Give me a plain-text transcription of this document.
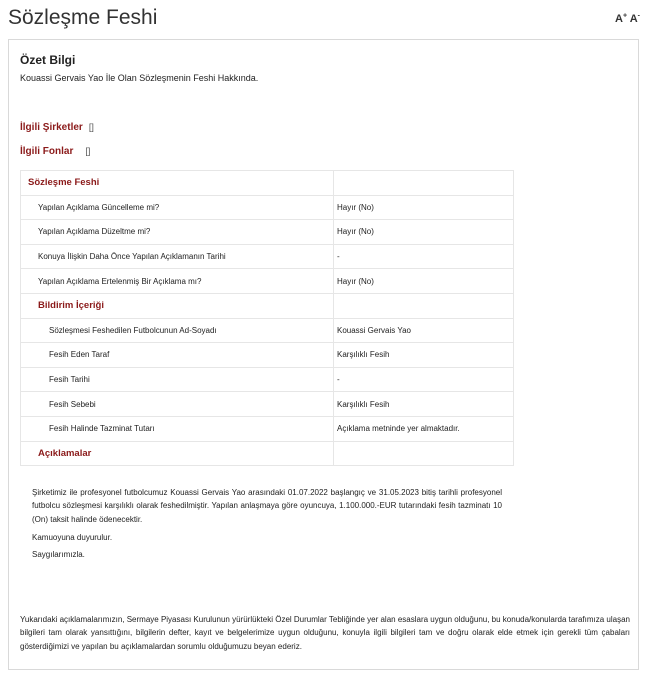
Sözleşme Feshi	A+ A-
Özet Bilgi
Kouassi Gervais Yao İle Olan Sözleşmenin Feshi Hakkında.
İlgili Şirketler []
İlgili Fonlar []
Sözleşme Feshi	
Yapılan Açıklama Güncelleme mi?	Hayır (No)
Yapılan Açıklama Düzeltme mi?	Hayır (No)
Konuya İlişkin Daha Önce Yapılan Açıklamanın Tarihi	-
Yapılan Açıklama Ertelenmiş Bir Açıklama mı?	Hayır (No)
Bildirim İçeriği	
Sözleşmesi Feshedilen Futbolcunun Ad-Soyadı	Kouassi Gervais Yao
Fesih Eden Taraf	Karşılıklı Fesih
Fesih Tarihi	-
Fesih Sebebi	Karşılıklı Fesih
Fesih Halinde Tazminat Tutarı	Açıklama metninde yer almaktadır.
Açıklamalar	
Şirketimiz ile profesyonel futbolcumuz Kouassi Gervais Yao arasındaki 01.07.2022 başlangıç ve 31.05.2023 bitiş tarihli profesyonel futbolcu sözleşmesi karşılıklı olarak feshedilmiştir. Yapılan anlaşmaya göre oyuncuya, 1.100.000.-EUR tutarındaki fesih tazminatı 10 (On) taksit halinde ödenecektir.
Kamuoyuna duyurulur.
Saygılarımızla.
Yukarıdaki açıklamalarımızın, Sermaye Piyasası Kurulunun yürürlükteki Özel Durumlar Tebliğinde yer alan esaslara uygun olduğunu, bu konuda/konularda tarafımıza ulaşan bilgileri tam olarak yansıttığını, bilgilerin defter, kayıt ve belgelerimize uygun olduğunu, konuyla ilgili bilgileri tam ve doğru olarak elde etmek için gerekli tüm çabaları gösterdiğimizi ve yapılan bu açıklamalardan sorumlu olduğumuzu beyan ederiz.
